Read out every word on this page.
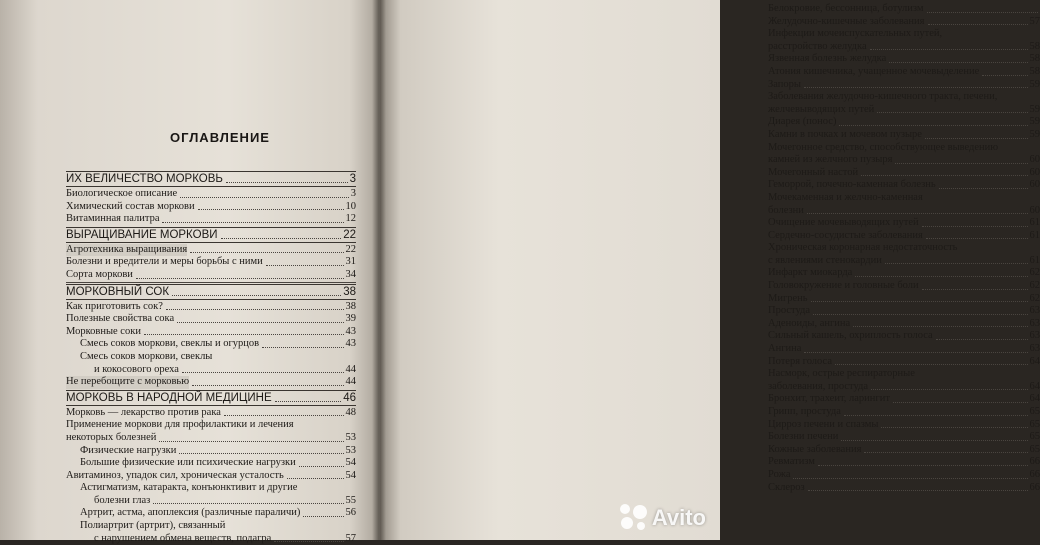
ОГЛАВЛЕНИЕ
ИХ ВЕЛИЧЕСТВО МОРКОВЬ	3
Биологическое описание	3
Химический состав моркови	10
Витаминная палитра	12
ВЫРАЩИВАНИЕ МОРКОВИ	22
Агротехника выращивания	22
Болезни и вредители и меры борьбы с ними	31
Сорта моркови	34
МОРКОВНЫЙ СОК	38
Как приготовить сок?	38
Полезные свойства сока	39
Морковные соки	43
Смесь соков моркови, свеклы и огурцов	43
Смесь соков моркови, свеклы
и кокосового ореха	44
Не перебощите с морковью	44
МОРКОВЬ В НАРОДНОЙ МЕДИЦИНЕ	46
Морковь — лекарство против рака	48
Применение моркови для профилактики и лечения
некоторых болезней	53
Физические нагрузки	53
Большие физические или психические нагрузки	54
Авитаминоз, упадок сил, хроническая усталость	54
Астигматизм, катаракта, конъюнктивит и другие
болезни глаз	55
Артрит, астма, апоплексия (различные параличи)	56
Полиартрит (артрит), связанный
с нарушением обмена веществ, подагра	57
Белокровие, бессонница, ботулизм
Желудочно-кишечные заболевания	57
Инфекции мочеиспускательных путей,
расстройство желудка	58
Язвенная болезнь желудка	58
Атония кишечника, учащенное мочевыделение	58
Запоры	59
Заболевания желудочно-кишечного тракта, печени,
желчевыводящих путей	59
Диарея (понос)	59
Камни в почках и мочевом пузыре	59
Мочегонное средство, способствующее выведению
камней из желчного пузыря	60
Мочегонный настой	60
Геморрой, почечно-каменная болезнь	60
Мочекаменная и желчно-каменная
болезни	60
Очищение мочевыводящих путей	61
Сердечно-сосудистые заболевания	61
Хроническая коронарная недостаточность
с явлениями стенокардии	61
Инфаркт миокарда	62
Головокружение и головные боли	62
Мигрень	62
Простуда	63
Аденоиды, ангина	63
Сильный кашель, охриплость голоса	63
Ангина	63
Потеря голоса	64
Насморк, острые респираторные
заболевания, простуда	64
Бронхит, трахеит, ларингит	64
Грипп, простуда	65
Цирроз печени и спазмы	65
Болезни печени	65
Кожные заболевания	65
Ревматизм	66
Рожа	66
Склероз	66
Avito
